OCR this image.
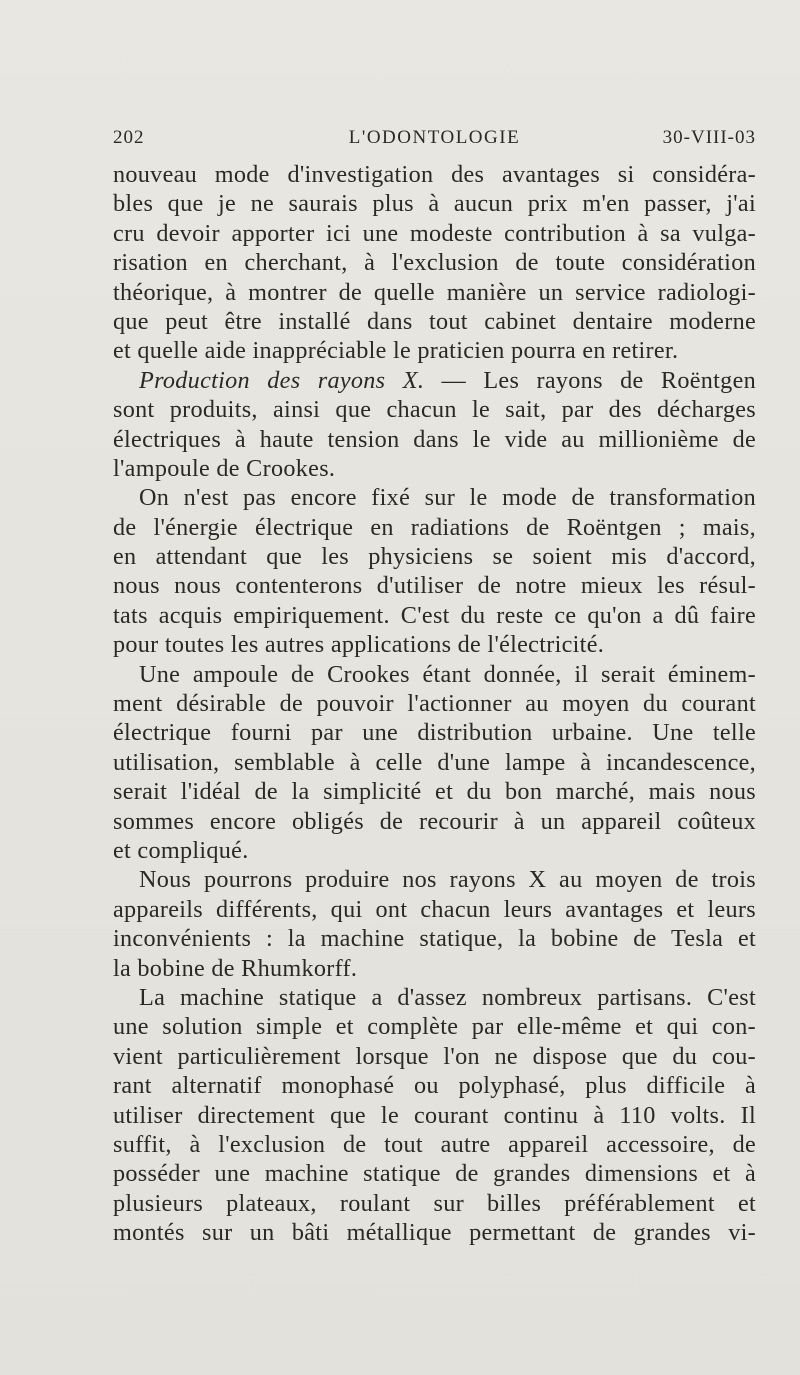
202	L'ODONTOLOGIE	30-VIII-03
nouveau mode d'investigation des avantages si considéra-
bles que je ne saurais plus à aucun prix m'en passer, j'ai
cru devoir apporter ici une modeste contribution à sa vulga-
risation en cherchant, à l'exclusion de toute considération
théorique, à montrer de quelle manière un service radiologi-
que peut être installé dans tout cabinet dentaire moderne
et quelle aide inappréciable le praticien pourra en retirer.
Production des rayons X. — Les rayons de Roëntgen
sont produits, ainsi que chacun le sait, par des décharges
électriques à haute tension dans le vide au millionième de
l'ampoule de Crookes.
On n'est pas encore fixé sur le mode de transformation
de l'énergie électrique en radiations de Roëntgen ; mais,
en attendant que les physiciens se soient mis d'accord,
nous nous contenterons d'utiliser de notre mieux les résul-
tats acquis empiriquement. C'est du reste ce qu'on a dû faire
pour toutes les autres applications de l'électricité.
Une ampoule de Crookes étant donnée, il serait éminem-
ment désirable de pouvoir l'actionner au moyen du courant
électrique fourni par une distribution urbaine. Une telle
utilisation, semblable à celle d'une lampe à incandescence,
serait l'idéal de la simplicité et du bon marché, mais nous
sommes encore obligés de recourir à un appareil coûteux
et compliqué.
Nous pourrons produire nos rayons X au moyen de trois
appareils différents, qui ont chacun leurs avantages et leurs
inconvénients : la machine statique, la bobine de Tesla et
la bobine de Rhumkorff.
La machine statique a d'assez nombreux partisans. C'est
une solution simple et complète par elle-même et qui con-
vient particulièrement lorsque l'on ne dispose que du cou-
rant alternatif monophasé ou polyphasé, plus difficile à
utiliser directement que le courant continu à 110 volts. Il
suffit, à l'exclusion de tout autre appareil accessoire, de
posséder une machine statique de grandes dimensions et à
plusieurs plateaux, roulant sur billes préférablement et
montés sur un bâti métallique permettant de grandes vi-
